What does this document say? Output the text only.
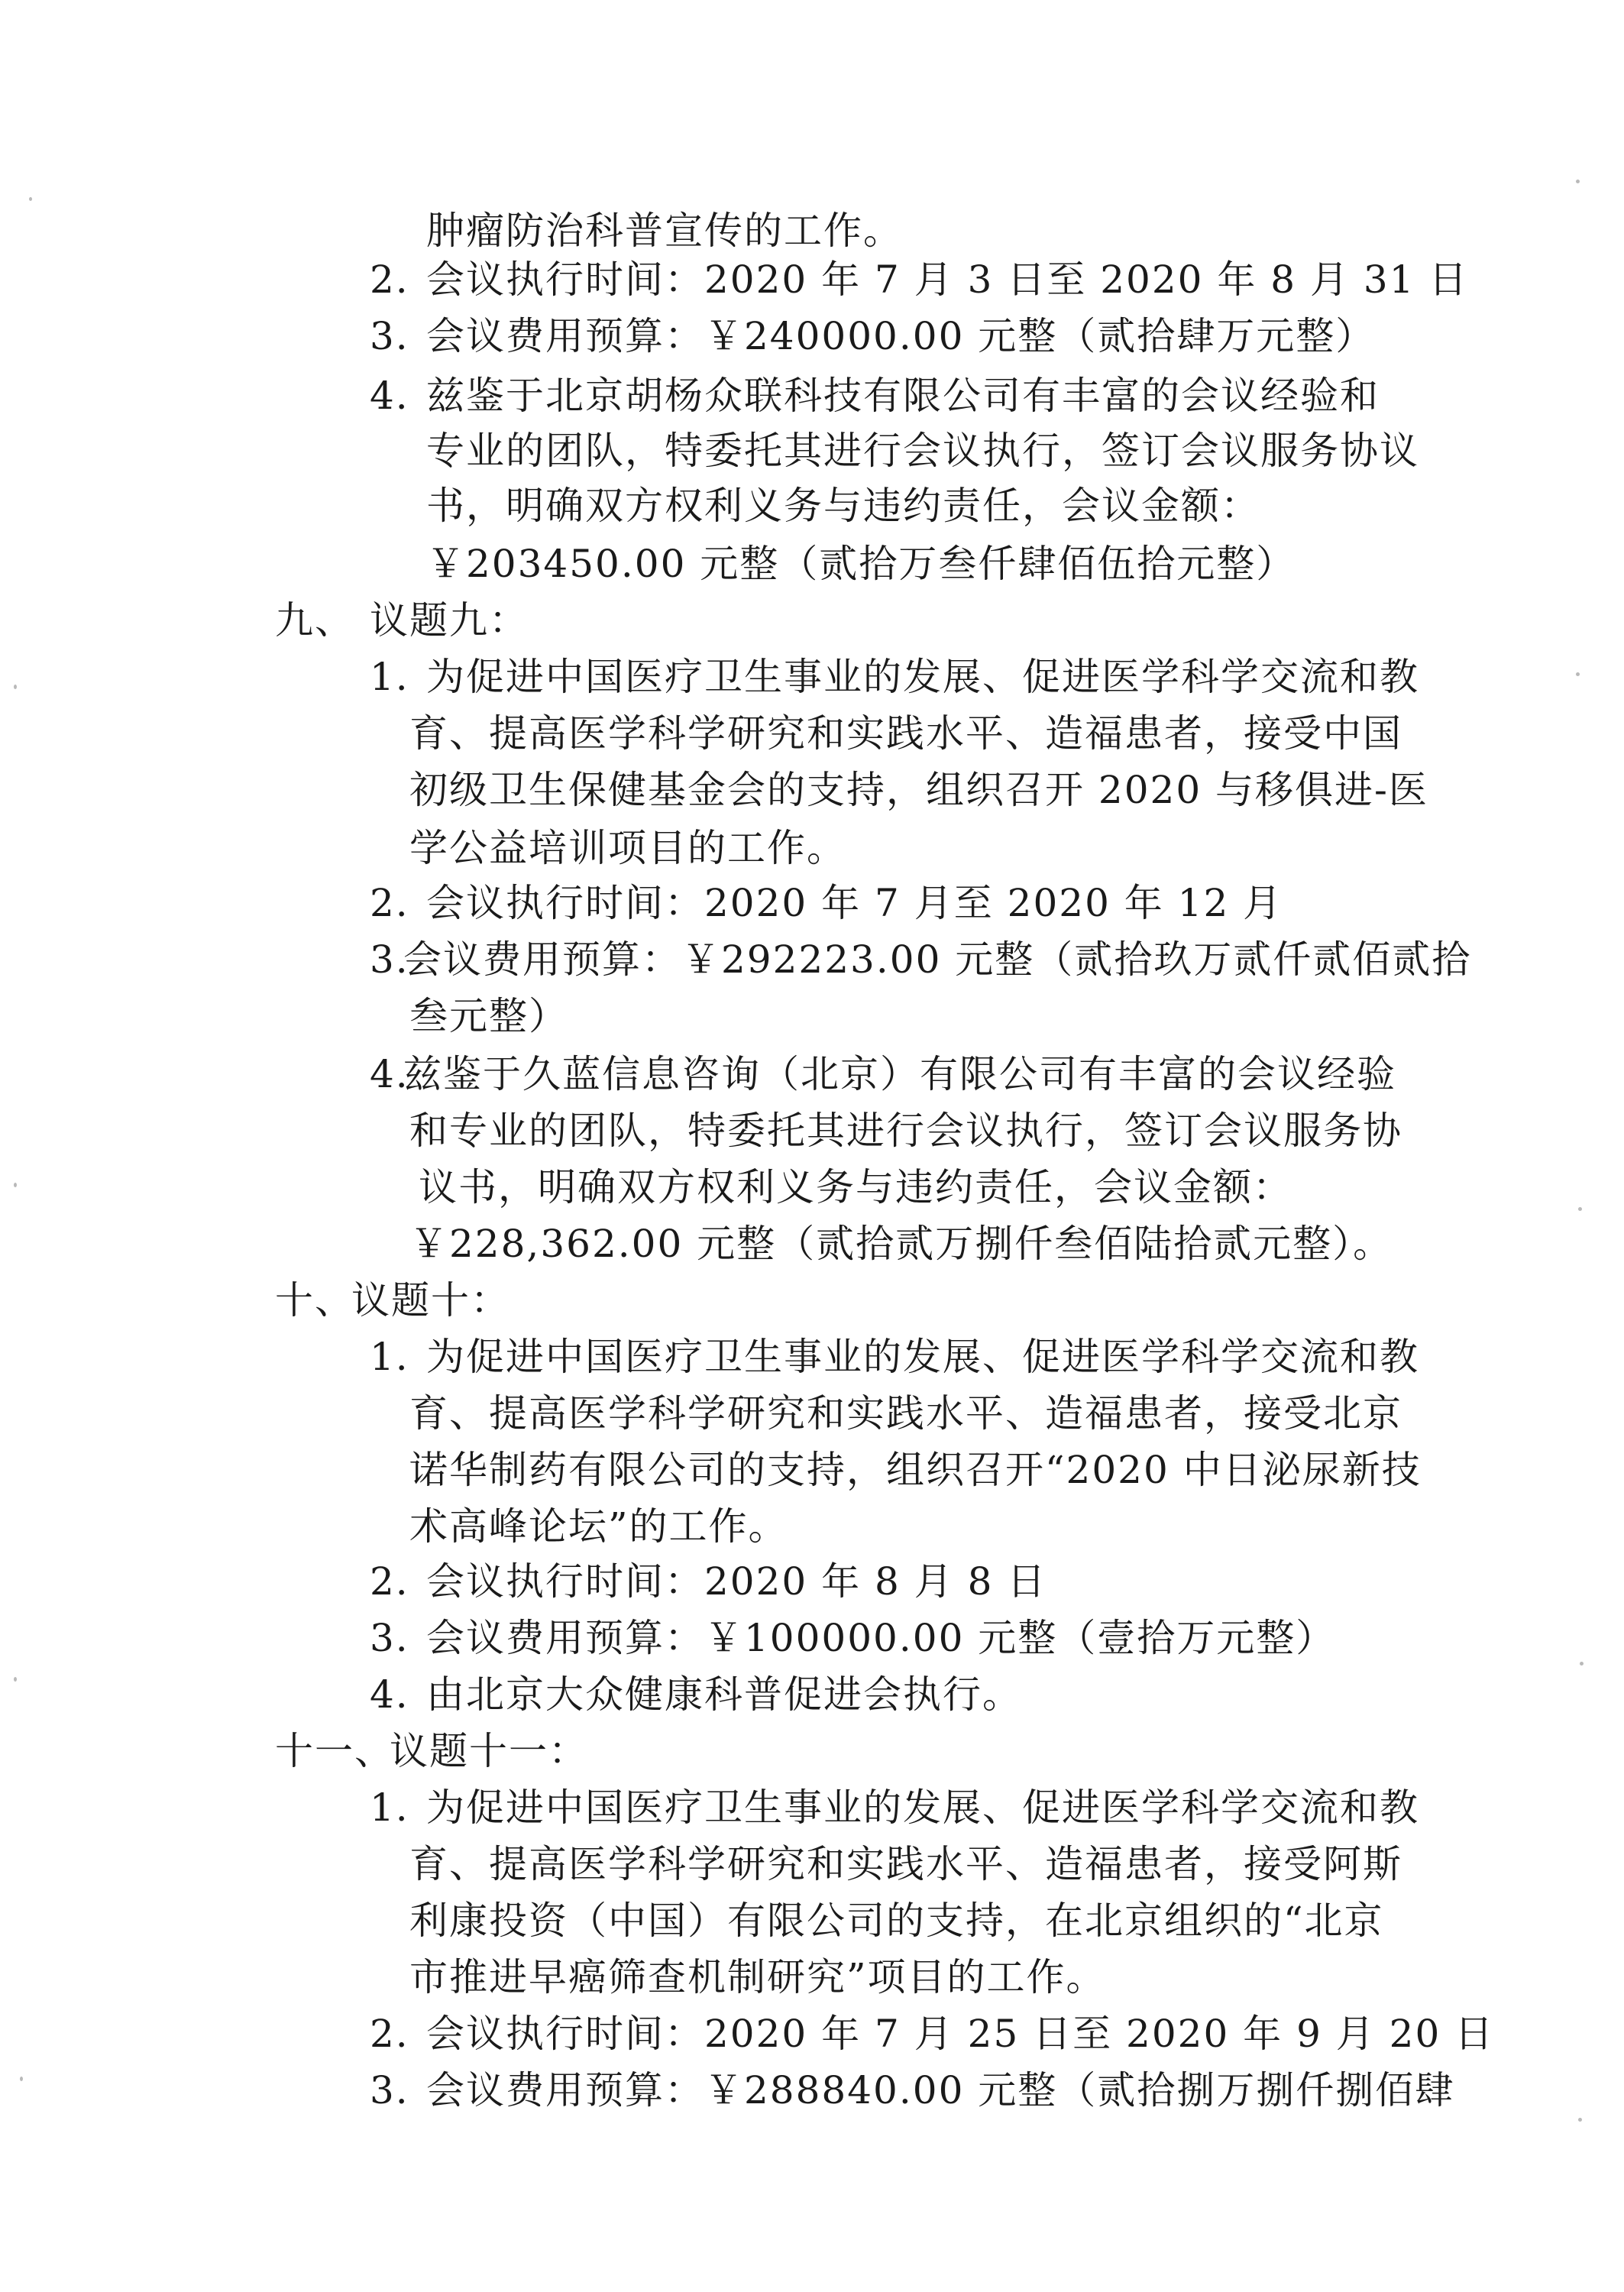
肿瘤防治科普宣传的工作。
2. 会议执行时间：2020 年 7 月 3 日至 2020 年 8 月 31 日
3. 会议费用预算：￥240000.00 元整（贰拾肆万元整）
4. 兹鉴于北京胡杨众联科技有限公司有丰富的会议经验和
专业的团队，特委托其进行会议执行，签订会议服务协议
书，明确双方权利义务与违约责任，会议金额：
￥203450.00 元整（贰拾万叁仟肆佰伍拾元整）
九、 议题九：
1. 为促进中国医疗卫生事业的发展、促进医学科学交流和教
育、提高医学科学研究和实践水平、造福患者，接受中国
初级卫生保健基金会的支持，组织召开 2020 与移俱进-医
学公益培训项目的工作。
2. 会议执行时间：2020 年 7 月至 2020 年 12 月
3.
会议费用预算：￥292223.00 元整（贰拾玖万贰仟贰佰贰拾
叁元整）
4.
兹鉴于久蓝信息咨询（北京）有限公司有丰富的会议经验
和专业的团队，特委托其进行会议执行，签订会议服务协
议书，明确双方权利义务与违约责任，会议金额：
￥228,362.00 元整（贰拾贰万捌仟叁佰陆拾贰元整）。
十、
议题十：
1. 为促进中国医疗卫生事业的发展、促进医学科学交流和教
育、提高医学科学研究和实践水平、造福患者，接受北京
诺华制药有限公司的支持，组织召开“2020 中日泌尿新技
术高峰论坛”的工作。
2. 会议执行时间：2020 年 8 月 8 日
3. 会议费用预算：￥100000.00 元整（壹拾万元整）
4. 由北京大众健康科普促进会执行。
十一、
议题十一：
1. 为促进中国医疗卫生事业的发展、促进医学科学交流和教
育、提高医学科学研究和实践水平、造福患者，接受阿斯
利康投资（中国）有限公司的支持，在北京组织的“北京
市推进早癌筛查机制研究”项目的工作。
2. 会议执行时间：2020 年 7 月 25 日至 2020 年 9 月 20 日
3. 会议费用预算：￥288840.00 元整（贰拾捌万捌仟捌佰肆
